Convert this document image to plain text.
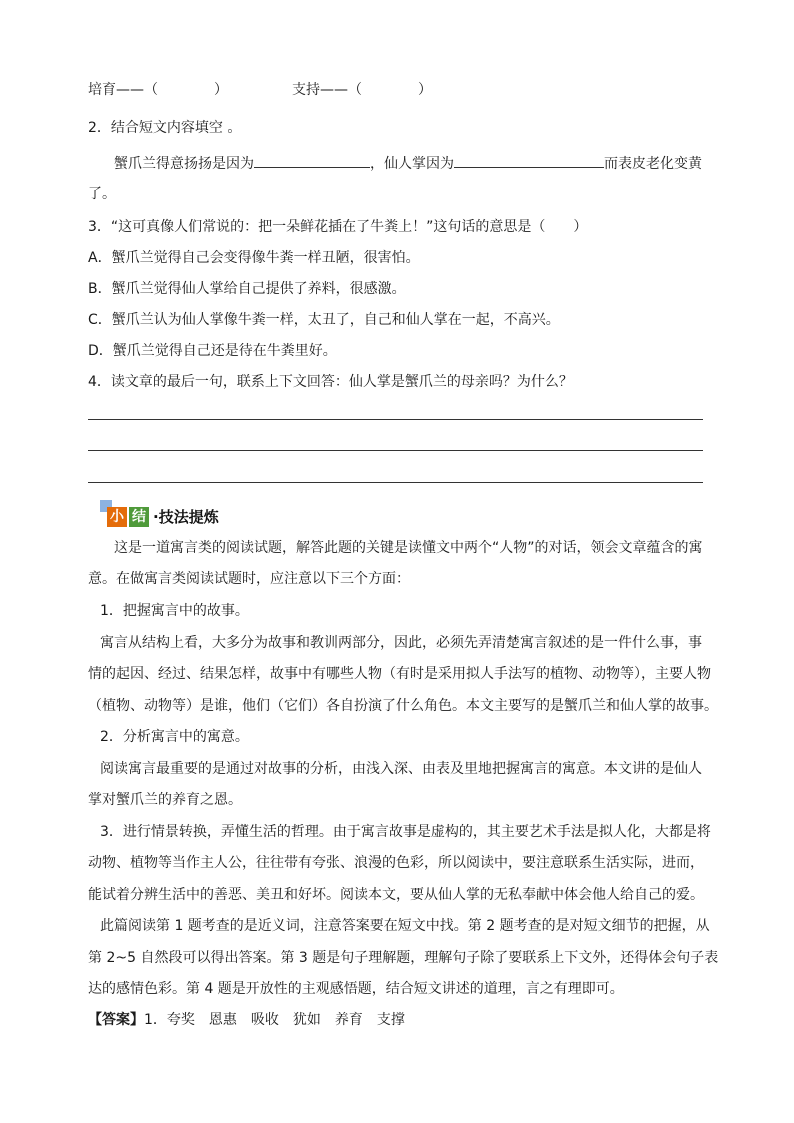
培育——（	）	支持——（	）
2．结合短文内容填空 。
蟹爪兰得意扬扬是因为	，仙人掌因为	而表皮老化变黄
了。
3．“这可真像人们常说的：把一朵鲜花插在了牛粪上！”这句话的意思是（　　）
A．蟹爪兰觉得自己会变得像牛粪一样丑陋，很害怕。
B．蟹爪兰觉得仙人掌给自己提供了养料，很感激。
C．蟹爪兰认为仙人掌像牛粪一样，太丑了，自己和仙人掌在一起，不高兴。
D．蟹爪兰觉得自己还是待在牛粪里好。
4．读文章的最后一句，联系上下文回答：仙人掌是蟹爪兰的母亲吗？为什么？
小 结 ·技法提炼
这是一道寓言类的阅读试题，解答此题的关键是读懂文中两个“人物”的对话，领会文章蕴含的寓
意。在做寓言类阅读试题时，应注意以下三个方面：
1．把握寓言中的故事。
寓言从结构上看，大多分为故事和教训两部分，因此，必须先弄清楚寓言叙述的是一件什么事，事
情的起因、经过、结果怎样，故事中有哪些人物（有时是采用拟人手法写的植物、动物等），主要人物
（植物、动物等）是谁，他们（它们）各自扮演了什么角色。本文主要写的是蟹爪兰和仙人掌的故事。
2．分析寓言中的寓意。
阅读寓言最重要的是通过对故事的分析，由浅入深、由表及里地把握寓言的寓意。本文讲的是仙人
掌对蟹爪兰的养育之恩。
3．进行情景转换，弄懂生活的哲理。由于寓言故事是虚构的，其主要艺术手法是拟人化，大都是将
动物、植物等当作主人公，往往带有夸张、浪漫的色彩，所以阅读中，要注意联系生活实际，进而，
能试着分辨生活中的善恶、美丑和好坏。阅读本文，要从仙人掌的无私奉献中体会他人给自己的爱。
此篇阅读第 1 题考查的是近义词，注意答案要在短文中找。第 2 题考查的是对短文细节的把握，从
第 2~5 自然段可以得出答案。第 3 题是句子理解题，理解句子除了要联系上下文外，还得体会句子表
达的感情色彩。第 4 题是开放性的主观感悟题，结合短文讲述的道理，言之有理即可。
【答案】1．夸奖　恩惠　吸收　犹如　养育　支撑
